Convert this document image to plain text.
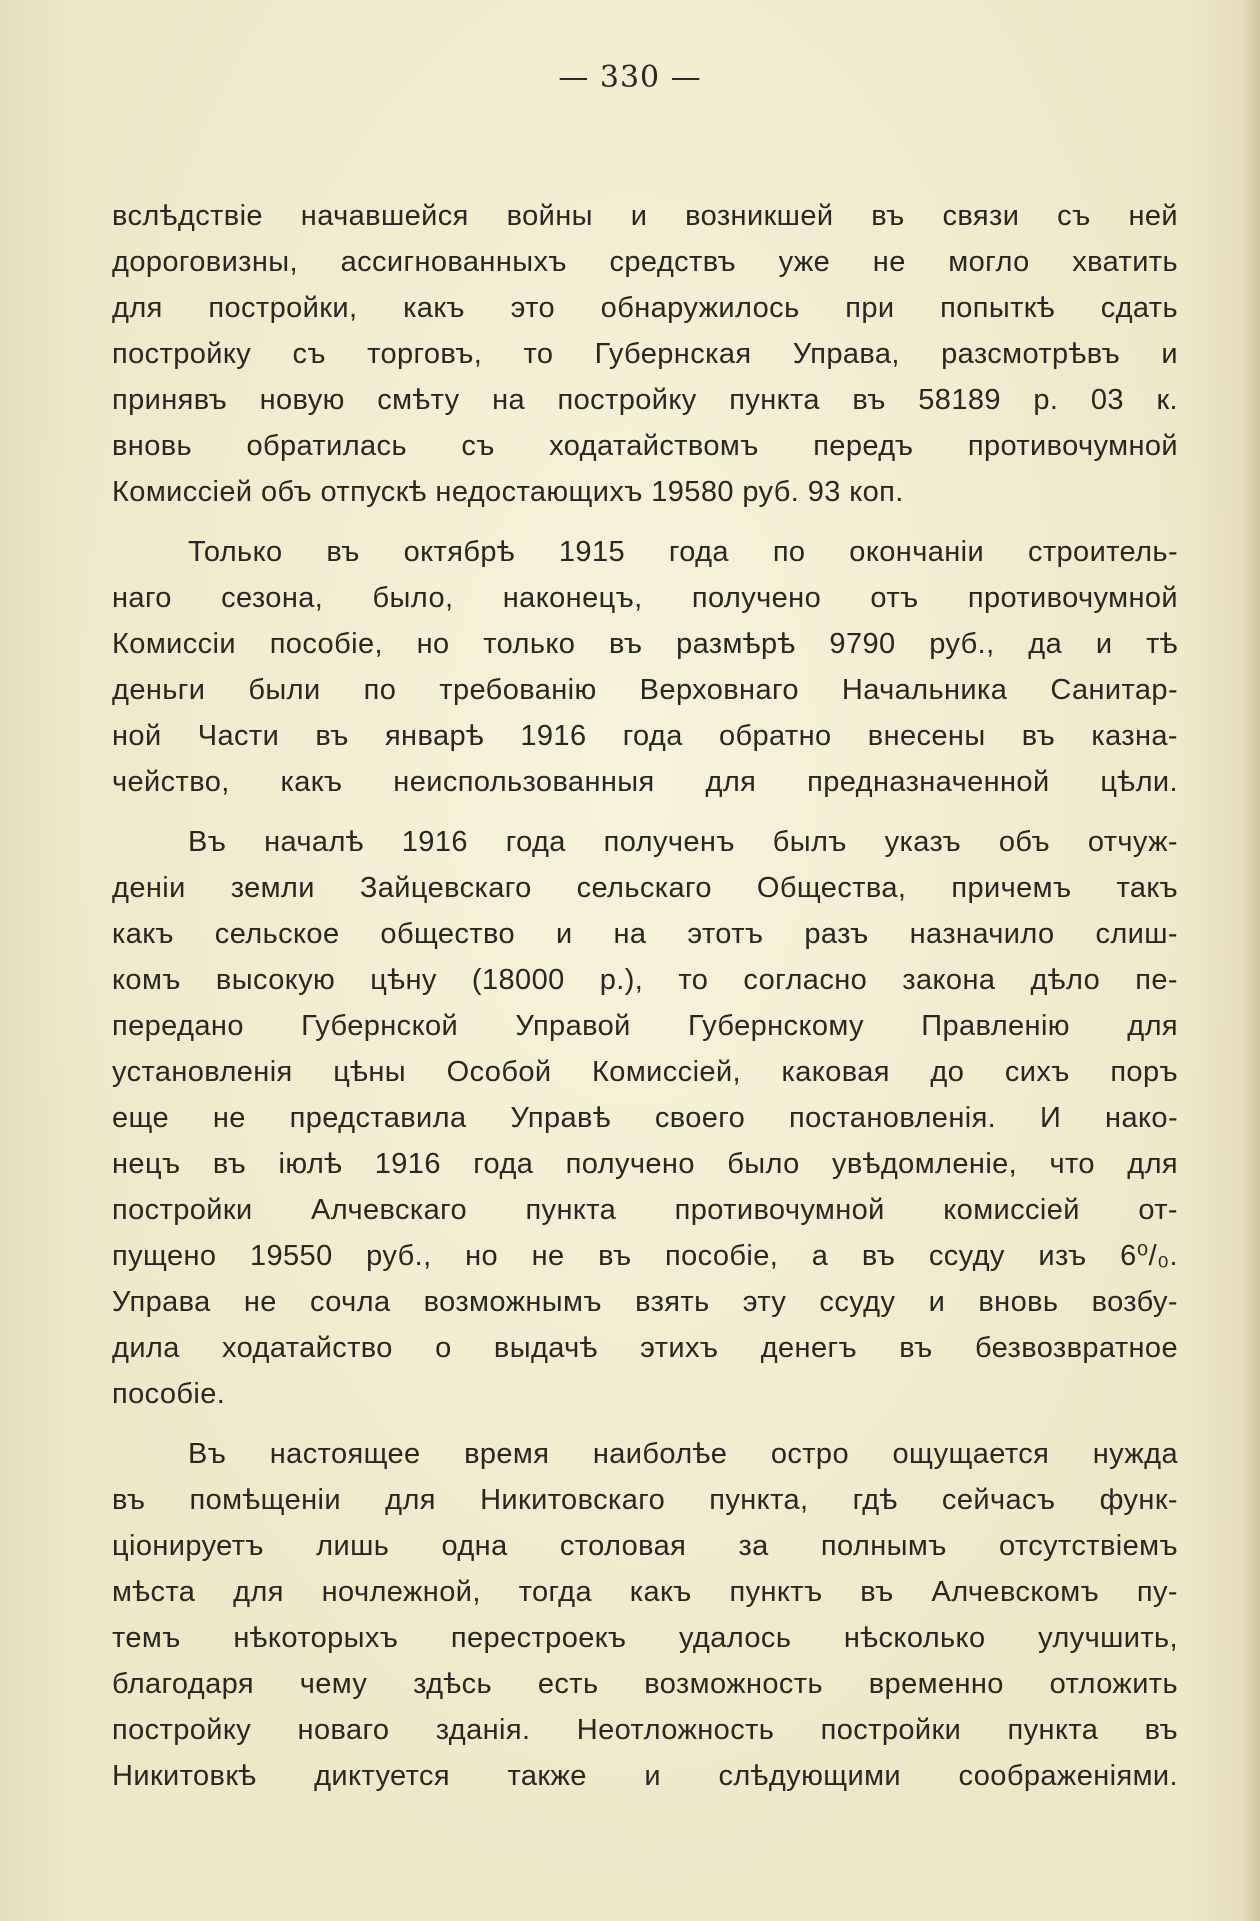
— 330 —

вслѣдствіе начавшейся войны и возникшей въ связи съ ней
дороговизны, ассигнованныхъ средствъ уже не могло хватить
для постройки, какъ это обнаружилось при попыткѣ сдать
постройку съ торговъ, то Губернская Управа, разсмотрѣвъ и
принявъ новую смѣту на постройку пункта въ 58189 р. 03 к.
вновь обратилась съ ходатайствомъ передъ противочумной
Комиссiей объ отпускѣ недостающихъ 19580 руб. 93 коп.

Только въ октябрѣ 1915 года по окончаніи строитель-
наго сезона, было, наконецъ, получено отъ противочумной
Комиссіи пособіе, но только въ размѣрѣ 9790 руб., да и тѣ
деньги были по требованію Верховнаго Начальника Санитар-
ной Части въ январѣ 1916 года обратно внесены въ казна-
чейство, какъ неиспользованныя для предназначенной цѣли.

Въ началѣ 1916 года полученъ былъ указъ объ отчуж-
деніи земли Зайцевскаго сельскаго Общества, причемъ такъ
какъ сельское общество и на этотъ разъ назначило слиш-
комъ высокую цѣну (18000 р.), то согласно закона дѣло пе-
передано Губернской Управой Губернскому Правленію для
установленія цѣны Особой Комиссіей, каковая до сихъ поръ
еще не представила Управѣ своего постановленія. И нако-
нецъ въ іюлѣ 1916 года получено было увѣдомленіе, что для
постройки Алчевскаго пункта противочумной комиссіей от-
пущено 19550 руб., но не въ пособіе, а въ ссуду изъ 6⁰/₀.
Управа не сочла возможнымъ взять эту ссуду и вновь возбу-
дила ходатайство о выдачѣ этихъ денегъ въ безвозвратное
пособіе.

Въ настоящее время наиболѣе остро ощущается нужда
въ помѣщеніи для Никитовскаго пункта, гдѣ сейчасъ функ-
ціонируетъ лишь одна столовая за полнымъ отсутствіемъ
мѣста для ночлежной, тогда какъ пунктъ въ Алчевскомъ пу-
темъ нѣкоторыхъ перестроекъ удалось нѣсколько улучшить,
благодаря чему здѣсь есть возможность временно отложить
постройку новаго зданія. Неотложность постройки пункта въ
Никитовкѣ диктуется также и слѣдующими соображеніями.
